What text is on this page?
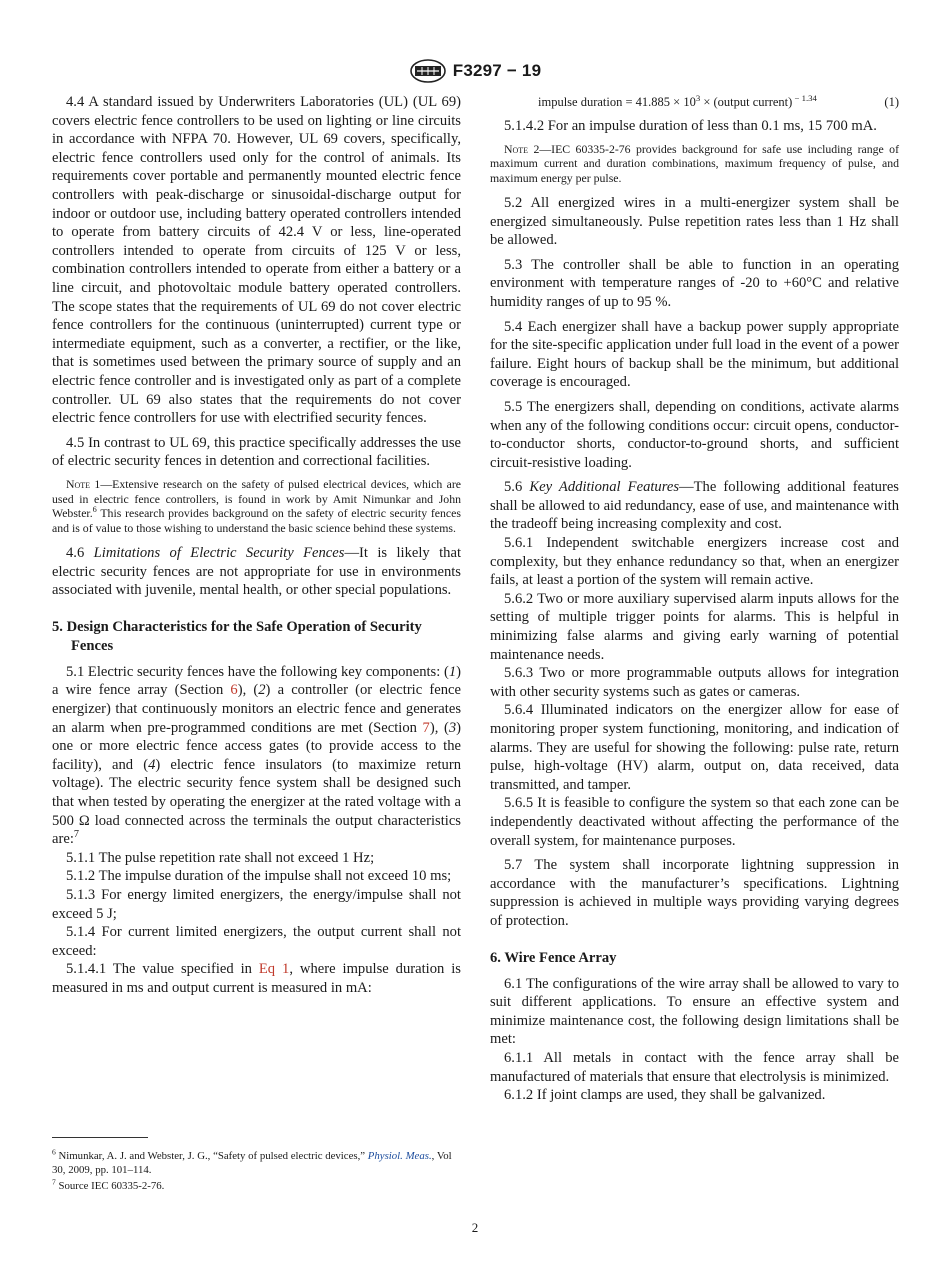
F3297 − 19

4.4 A standard issued by Underwriters Laboratories (UL) (UL 69) covers electric fence controllers to be used on lighting or line circuits in accordance with NFPA 70. However, UL 69 covers, specifically, electric fence controllers used only for the control of animals. Its requirements cover portable and permanently mounted electric fence controllers with peak-discharge or sinusoidal-discharge output for indoor or outdoor use, including battery operated controllers intended to operate from battery circuits of 42.4 V or less, line-operated controllers intended to operate from circuits of 125 V or less, combination controllers intended to operate from either a battery or a line circuit, and photovoltaic module battery operated controllers. The scope states that the requirements of UL 69 do not cover electric fence controllers for the continuous (uninterrupted) current type or intermediate equipment, such as a converter, a rectifier, or the like, that is sometimes used between the primary source of supply and an electric fence controller and is investigated only as part of a complete controller. UL 69 also states that the requirements do not cover electric fence controllers for use with electrified security fences.

4.5 In contrast to UL 69, this practice specifically addresses the use of electric security fences in detention and correctional facilities.

Note 1—Extensive research on the safety of pulsed electrical devices, which are used in electric fence controllers, is found in work by Amit Nimunkar and John Webster.$^6$ This research provides background on the safety of electric security fences and is of value to those wishing to understand the basic science behind these systems.

4.6 Limitations of Electric Security Fences—It is likely that electric security fences are not appropriate for use in environments associated with juvenile, mental health, or other special populations.

5. Design Characteristics for the Safe Operation of Security Fences

5.1 Electric security fences have the following key components: (1) a wire fence array (Section 6), (2) a controller (or electric fence energizer) that continuously monitors an electric fence and generates an alarm when pre-programmed conditions are met (Section 7), (3) one or more electric fence access gates (to provide access to the facility), and (4) electric fence insulators (to maximize return voltage). The electric security fence system shall be designed such that when tested by operating the energizer at the rated voltage with a 500 Ω load connected across the terminals the output characteristics are:$^7$

5.1.1 The pulse repetition rate shall not exceed 1 Hz;

5.1.2 The impulse duration of the impulse shall not exceed 10 ms;

5.1.3 For energy limited energizers, the energy/impulse shall not exceed 5 J;

5.1.4 For current limited energizers, the output current shall not exceed:

5.1.4.1 The value specified in Eq 1, where impulse duration is measured in ms and output current is measured in mA:

impulse duration = $41.885 \times 10^3$ × (output current) $^{- 1.34}$	(1)

5.1.4.2 For an impulse duration of less than 0.1 ms, 15 700 mA.

Note 2—IEC 60335-2-76 provides background for safe use including range of maximum current and duration combinations, maximum frequency of pulse, and maximum energy per pulse.

5.2 All energized wires in a multi-energizer system shall be energized simultaneously. Pulse repetition rates less than 1 Hz shall be allowed.

5.3 The controller shall be able to function in an operating environment with temperature ranges of -20 to +60°C and relative humidity ranges of up to 95 %.

5.4 Each energizer shall have a backup power supply appropriate for the site-specific application under full load in the event of a power failure. Eight hours of backup shall be the minimum, but additional coverage is encouraged.

5.5 The energizers shall, depending on conditions, activate alarms when any of the following conditions occur: circuit opens, conductor-to-conductor shorts, conductor-to-ground shorts, and sufficient circuit-resistive loading.

5.6 Key Additional Features—The following additional features shall be allowed to aid redundancy, ease of use, and maintenance with the tradeoff being increasing complexity and cost.

5.6.1 Independent switchable energizers increase cost and complexity, but they enhance redundancy so that, when an energizer fails, at least a portion of the system will remain active.

5.6.2 Two or more auxiliary supervised alarm inputs allows for the setting of multiple trigger points for alarms. This is helpful in minimizing false alarms and giving early warning of potential maintenance needs.

5.6.3 Two or more programmable outputs allows for integration with other security systems such as gates or cameras.

5.6.4 Illuminated indicators on the energizer allow for ease of monitoring proper system functioning, monitoring, and indication of alarms. They are useful for showing the following: pulse rate, return pulse, high-voltage (HV) alarm, output on, data received, data transmitted, and tamper.

5.6.5 It is feasible to configure the system so that each zone can be independently deactivated without affecting the performance of the overall system, for maintenance purposes.

5.7 The system shall incorporate lightning suppression in accordance with the manufacturer’s specifications. Lightning suppression is achieved in multiple ways providing varying degrees of protection.

6. Wire Fence Array

6.1 The configurations of the wire array shall be allowed to vary to suit different applications. To ensure an effective system and minimize maintenance cost, the following design limitations shall be met:

6.1.1 All metals in contact with the fence array shall be manufactured of materials that ensure that electrolysis is minimized.

6.1.2 If joint clamps are used, they shall be galvanized.

$^6$ Nimunkar, A. J. and Webster, J. G., “Safety of pulsed electric devices,” Physiol. Meas., Vol 30, 2009, pp. 101–114.
$^7$ Source IEC 60335-2-76.
2
